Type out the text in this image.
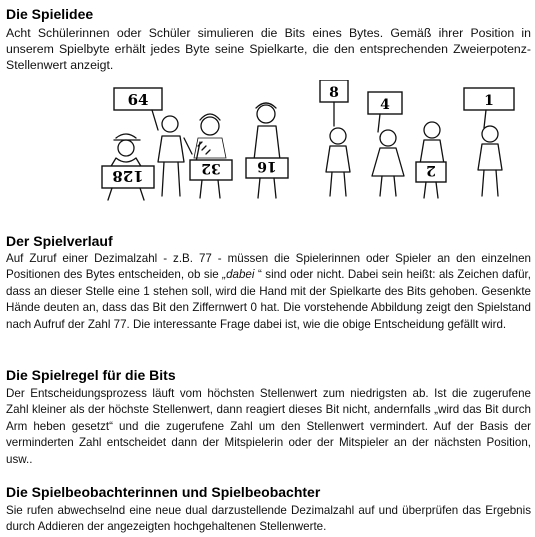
Die Spielidee

Acht Schülerinnen oder Schüler simulieren die Bits eines Bytes. Gemäß ihrer Position in unserem Spielbyte erhält jedes Byte seine Spielkarte, die den entsprechenden Zweierpotenz-Stellenwert anzeigt.

128
64
32	16
8
4
2
1
Der Spielverlauf

Auf Zuruf einer Dezimalzahl - z.B. 77 - müssen die Spielerinnen oder Spieler an den einzelnen Positionen des Bytes entscheiden, ob sie „dabei “ sind oder nicht. Dabei sein heißt: als Zeichen dafür, dass an dieser Stelle eine 1 stehen soll, wird die Hand mit der Spielkarte des Bits gehoben. Gesenkte Hände deuten an, dass das Bit den Ziffernwert 0 hat. Die vorstehende Abbildung zeigt den Spielstand nach Aufruf der Zahl 77. Die interessante Frage dabei ist, wie die obige Entscheidung gefällt wird.

Die Spielregel für die Bits

Der Entscheidungsprozess läuft vom höchsten Stellenwert zum niedrigsten ab. Ist die zugerufene Zahl kleiner als der höchste Stellenwert, dann reagiert dieses Bit nicht, andernfalls „wird das Bit durch Arm heben gesetzt“ und die zugerufene Zahl um den Stellenwert vermindert. Auf der Basis der verminderten Zahl entscheidet dann der Mitspielerin oder der Mitspieler an der nächsten Position, usw..

Die Spielbeobachterinnen und Spielbeobachter

Sie rufen abwechselnd eine neue dual darzustellende Dezimalzahl auf und überprüfen das Ergebnis durch Addieren der angezeigten hochgehaltenen Stellenwerte.
